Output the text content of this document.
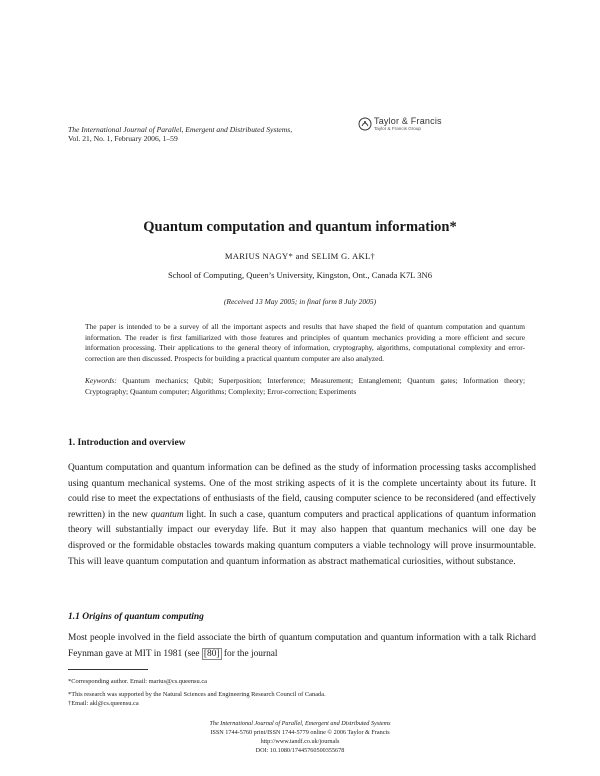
The International Journal of Parallel, Emergent and Distributed Systems,
Vol. 21, No. 1, February 2006, 1–59
Taylor & Francis
Taylor & Francis Group
Quantum computation and quantum information*
MARIUS NAGY* and SELIM G. AKL†
School of Computing, Queen’s University, Kingston, Ont., Canada K7L 3N6
(Received 13 May 2005; in final form 8 July 2005)

The paper is intended to be a survey of all the important aspects and results that have shaped the field of quantum computation and quantum information. The reader is first familiarized with those features and principles of quantum mechanics providing a more efficient and secure information processing. Their applications to the general theory of information, cryptography, algorithms, computational complexity and error-correction are then discussed. Prospects for building a practical quantum computer are also analyzed.

Keywords: Quantum mechanics; Qubit; Superposition; Interference; Measurement; Entanglement; Quantum gates; Information theory; Cryptography; Quantum computer; Algorithms; Complexity; Error-correction; Experiments
1. Introduction and overview

Quantum computation and quantum information can be defined as the study of information processing tasks accomplished using quantum mechanical systems. One of the most striking aspects of it is the complete uncertainty about its future. It could rise to meet the expectations of enthusiasts of the field, causing computer science to be reconsidered (and effectively rewritten) in the new quantum light. In such a case, quantum computers and practical applications of quantum information theory will substantially impact our everyday life. But it may also happen that quantum mechanics will one day be disproved or the formidable obstacles towards making quantum computers a viable technology will prove insurmountable. This will leave quantum computation and quantum information as abstract mathematical curiosities, without substance.

1.1 Origins of quantum computing

Most people involved in the field associate the birth of quantum computation and quantum information with a talk Richard Feynman gave at MIT in 1981 (see [80] for the journal

*Corresponding author. Email: marius@cs.queensu.ca
*This research was supported by the Natural Sciences and Engineering Research Council of Canada.
†Email: akl@cs.queensu.ca
The International Journal of Parallel, Emergent and Distributed Systems
ISSN 1744-5760 print/ISSN 1744-5779 online © 2006 Taylor & Francis
http://www.tandf.co.uk/journals
DOI: 10.1080/17445760500355678
